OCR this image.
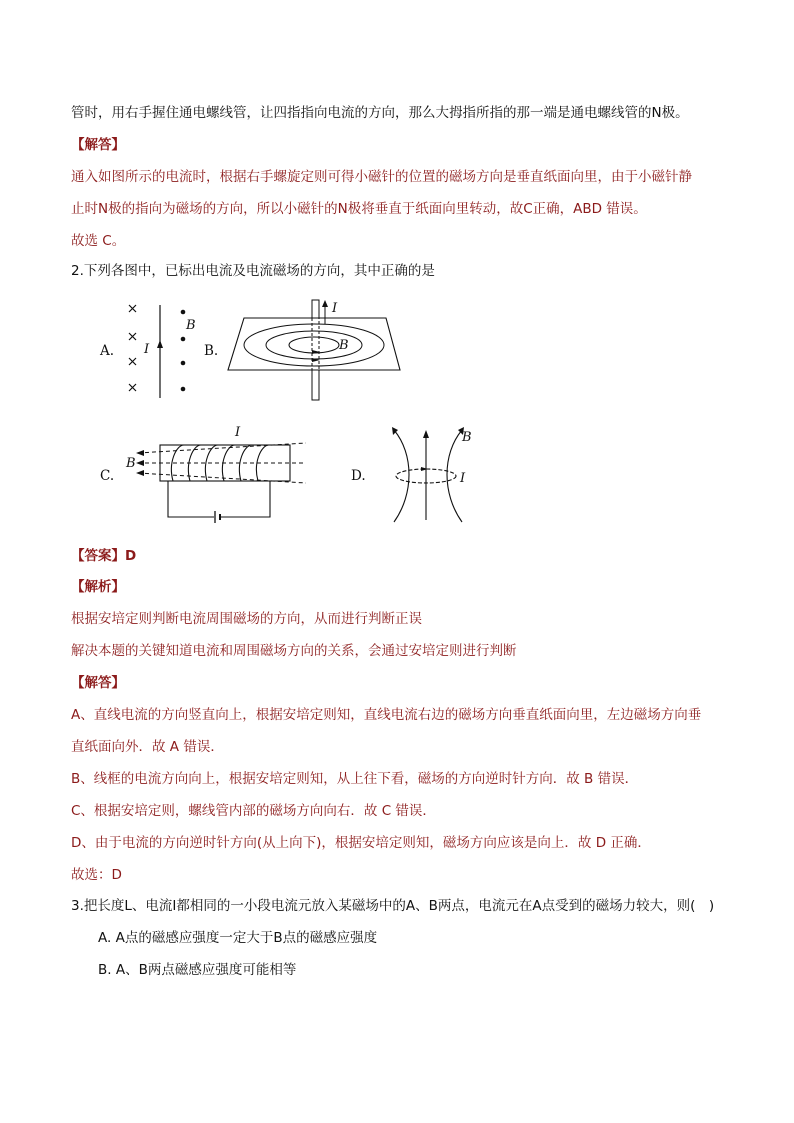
管时，用右手握住通电螺线管，让四指指向电流的方向，那么大拇指所指的那一端是通电螺线管的N极。
【解答】
通入如图所示的电流时，根据右手螺旋定则可得小磁针的位置的磁场方向是垂直纸面向里，由于小磁针静
止时N极的指向为磁场的方向，所以小磁针的N极将垂直于纸面向里转动，故C正确，ABD 错误。
故选 C。
2.下列各图中，已标出电流及电流磁场的方向，其中正确的是
A. I
B
B.
I
B
C.
I
B
D.	I
B
【答案】D
【解析】
根据安培定则判断电流周围磁场的方向，从而进行判断正误
解决本题的关键知道电流和周围磁场方向的关系，会通过安培定则进行判断
【解答】
A、直线电流的方向竖直向上，根据安培定则知，直线电流右边的磁场方向垂直纸面向里，左边磁场方向垂
直纸面向外．故 A 错误．
B、线框的电流方向向上，根据安培定则知，从上往下看，磁场的方向逆时针方向．故 B 错误．
C、根据安培定则，螺线管内部的磁场方向向右．故 C 错误．
D、由于电流的方向逆时针方向(从上向下)，根据安培定则知，磁场方向应该是向上．故 D 正确．
故选：D
3.把长度L、电流I都相同的一小段电流元放入某磁场中的A、B两点，电流元在A点受到的磁场力较大，则(　)
A. A点的磁感应强度一定大于B点的磁感应强度
B. A、B两点磁感应强度可能相等
